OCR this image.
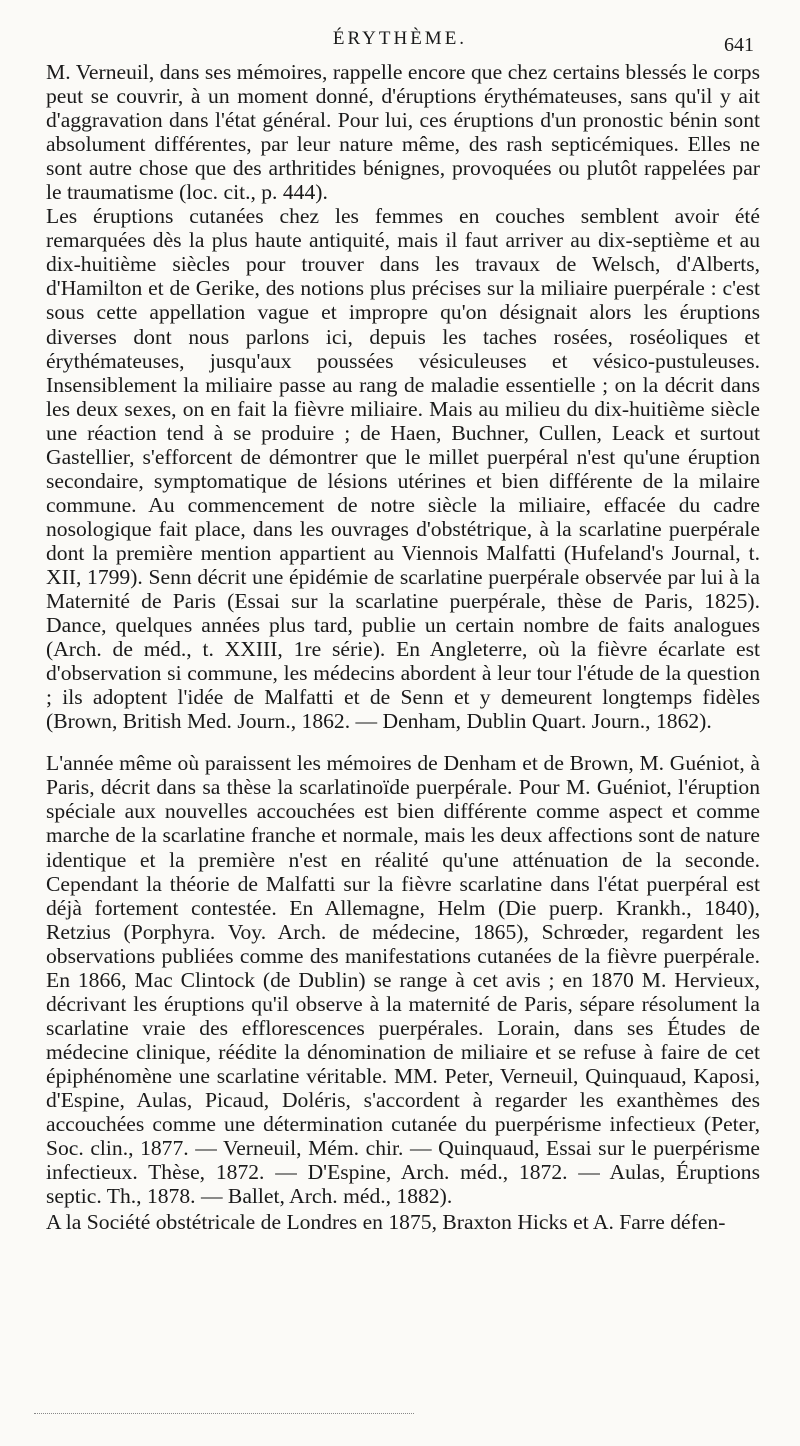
ÉRYTHÈME.	641

M. Verneuil, dans ses mémoires, rappelle encore que chez certains blessés le corps peut se couvrir, à un moment donné, d'éruptions érythémateuses, sans qu'il y ait d'aggravation dans l'état général. Pour lui, ces éruptions d'un pronostic bénin sont absolument différentes, par leur nature même, des rash septicémiques. Elles ne sont autre chose que des arthritides bénignes, provoquées ou plutôt rappelées par le traumatisme (loc. cit., p. 444).

Les éruptions cutanées chez les femmes en couches semblent avoir été remarquées dès la plus haute antiquité, mais il faut arriver au dix-septième et au dix-huitième siècles pour trouver dans les travaux de Welsch, d'Alberts, d'Hamilton et de Gerike, des notions plus précises sur la miliaire puerpérale : c'est sous cette appellation vague et impropre qu'on désignait alors les éruptions diverses dont nous parlons ici, depuis les taches rosées, roséoliques et érythémateuses, jusqu'aux poussées vésiculeuses et vésico-pustuleuses. Insensiblement la miliaire passe au rang de maladie essentielle ; on la décrit dans les deux sexes, on en fait la fièvre miliaire. Mais au milieu du dix-huitième siècle une réaction tend à se produire ; de Haen, Buchner, Cullen, Leack et surtout Gastellier, s'efforcent de démontrer que le millet puerpéral n'est qu'une éruption secondaire, symptomatique de lésions utérines et bien différente de la milaire commune. Au commencement de notre siècle la miliaire, effacée du cadre nosologique fait place, dans les ouvrages d'obstétrique, à la scarlatine puerpérale dont la première mention appartient au Viennois Malfatti (Hufeland's Journal, t. XII, 1799). Senn décrit une épidémie de scarlatine puerpérale observée par lui à la Maternité de Paris (Essai sur la scarlatine puerpérale, thèse de Paris, 1825). Dance, quelques années plus tard, publie un certain nombre de faits analogues (Arch. de méd., t. XXIII, 1re série). En Angleterre, où la fièvre écarlate est d'observation si commune, les médecins abordent à leur tour l'étude de la question ; ils adoptent l'idée de Malfatti et de Senn et y demeurent longtemps fidèles (Brown, British Med. Journ., 1862. — Denham, Dublin Quart. Journ., 1862).

L'année même où paraissent les mémoires de Denham et de Brown, M. Guéniot, à Paris, décrit dans sa thèse la scarlatinoïde puerpérale. Pour M. Guéniot, l'éruption spéciale aux nouvelles accouchées est bien différente comme aspect et comme marche de la scarlatine franche et normale, mais les deux affections sont de nature identique et la première n'est en réalité qu'une atténuation de la seconde. Cependant la théorie de Malfatti sur la fièvre scarlatine dans l'état puerpéral est déjà fortement contestée. En Allemagne, Helm (Die puerp. Krankh., 1840), Retzius (Porphyra. Voy. Arch. de médecine, 1865), Schrœder, regardent les observations publiées comme des manifestations cutanées de la fièvre puerpérale. En 1866, Mac Clintock (de Dublin) se range à cet avis ; en 1870 M. Hervieux, décrivant les éruptions qu'il observe à la maternité de Paris, sépare résolument la scarlatine vraie des efflorescences puerpérales. Lorain, dans ses Études de médecine clinique, réédite la dénomination de miliaire et se refuse à faire de cet épiphénomène une scarlatine véritable. MM. Peter, Verneuil, Quinquaud, Kaposi, d'Espine, Aulas, Picaud, Doléris, s'accordent à regarder les exanthèmes des accouchées comme une détermination cutanée du puerpérisme infectieux (Peter, Soc. clin., 1877. — Verneuil, Mém. chir. — Quinquaud, Essai sur le puerpérisme infectieux. Thèse, 1872. — D'Espine, Arch. méd., 1872. — Aulas, Éruptions septic. Th., 1878. — Ballet, Arch. méd., 1882).

A la Société obstétricale de Londres en 1875, Braxton Hicks et A. Farre défen-
